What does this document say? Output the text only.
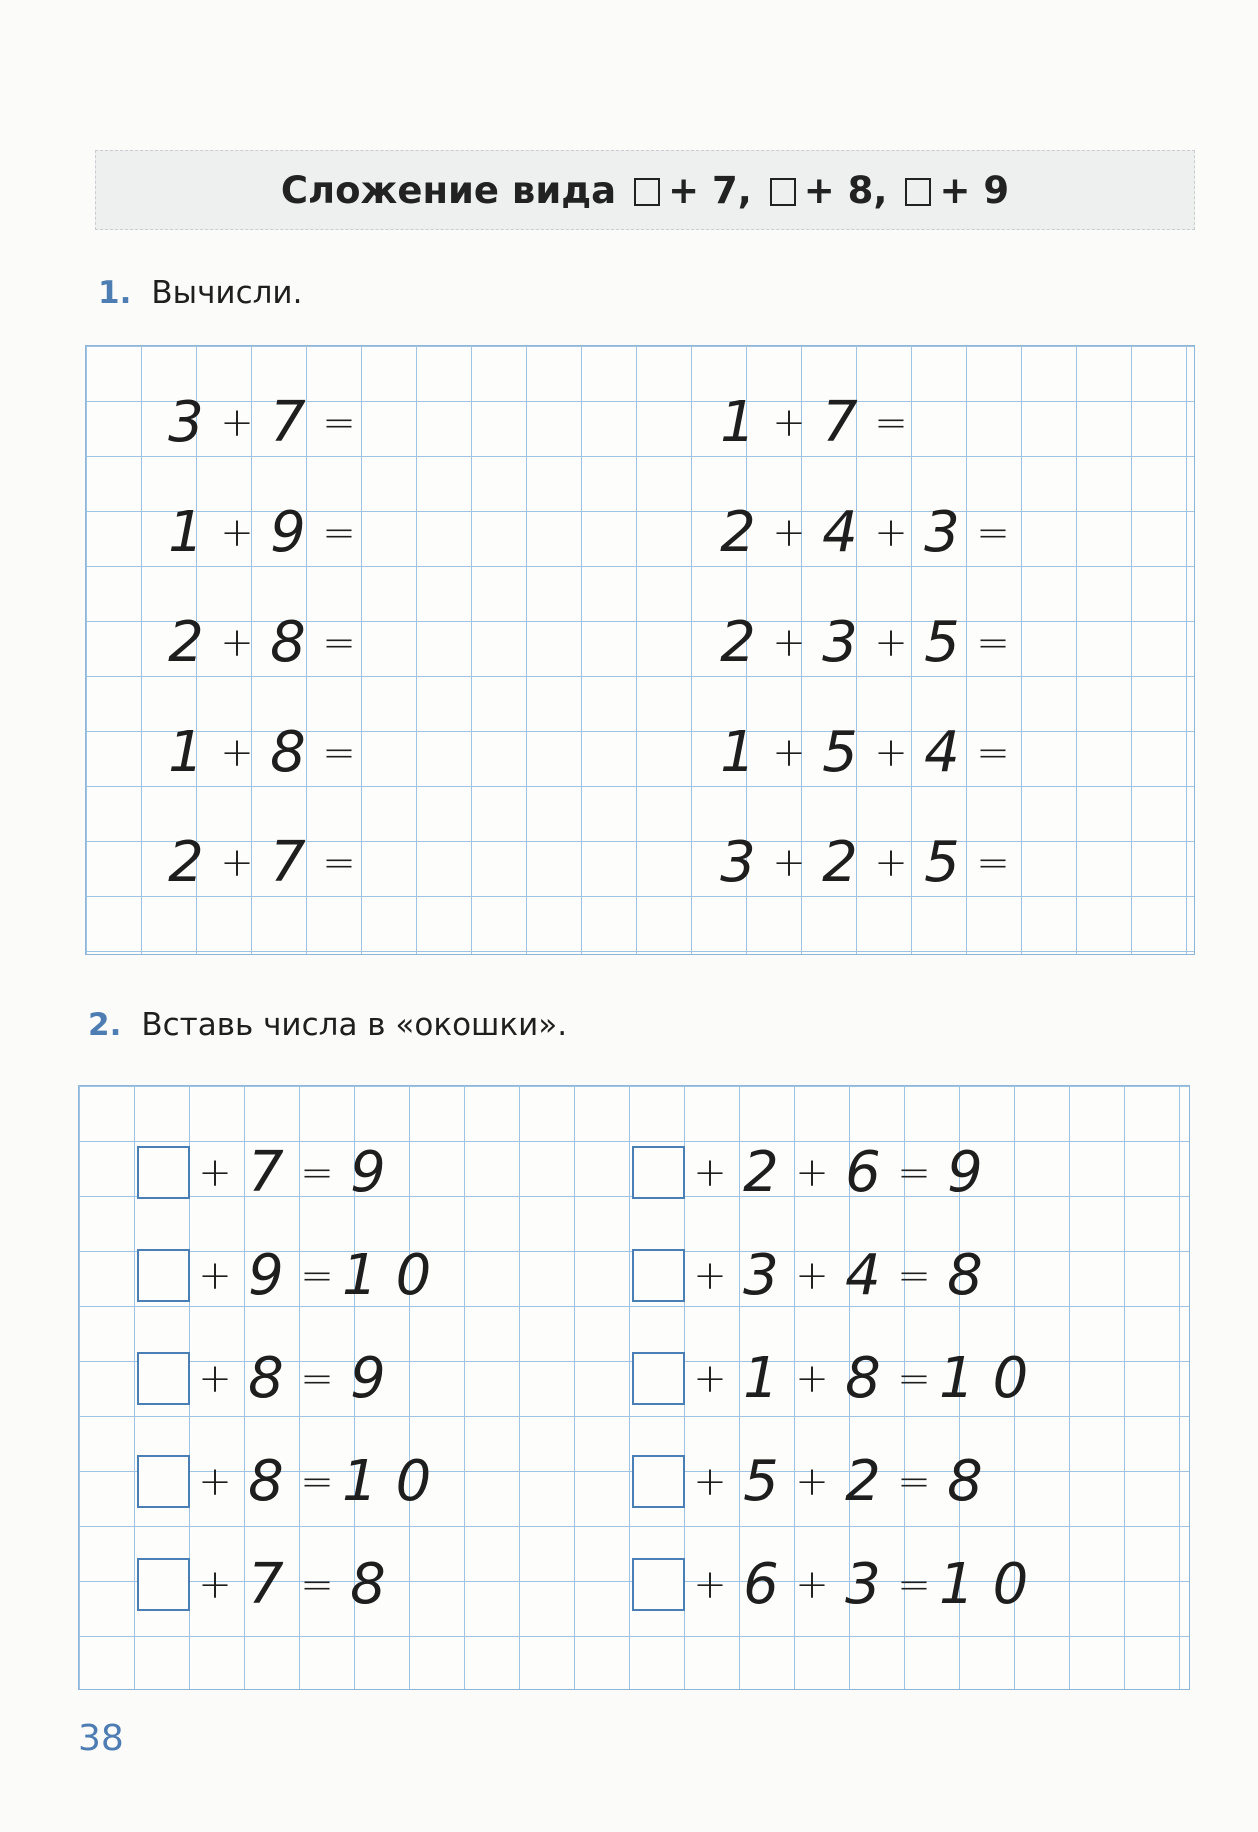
Сложение вида	+ 7,	+ 8,	+ 9
1. Вычисли.
3 + 7 =
1 + 9 =
2 + 8 =
1 + 8 =
2 + 7 =
1 + 7 =
2 + 4 + 3 =
2 + 3 + 5 =
1 + 5 + 4 =
3 + 2 + 5 =
2. Вставь числа в «окошки».
+ 7 = 9
+ 9 = 10
+ 8 = 9
+ 8 = 10
+ 7 = 8
+ 2 + 6 = 9
+ 3 + 4 = 8
+ 1 + 8 = 10
+ 5 + 2 = 8
+ 6 + 3 = 10
38
